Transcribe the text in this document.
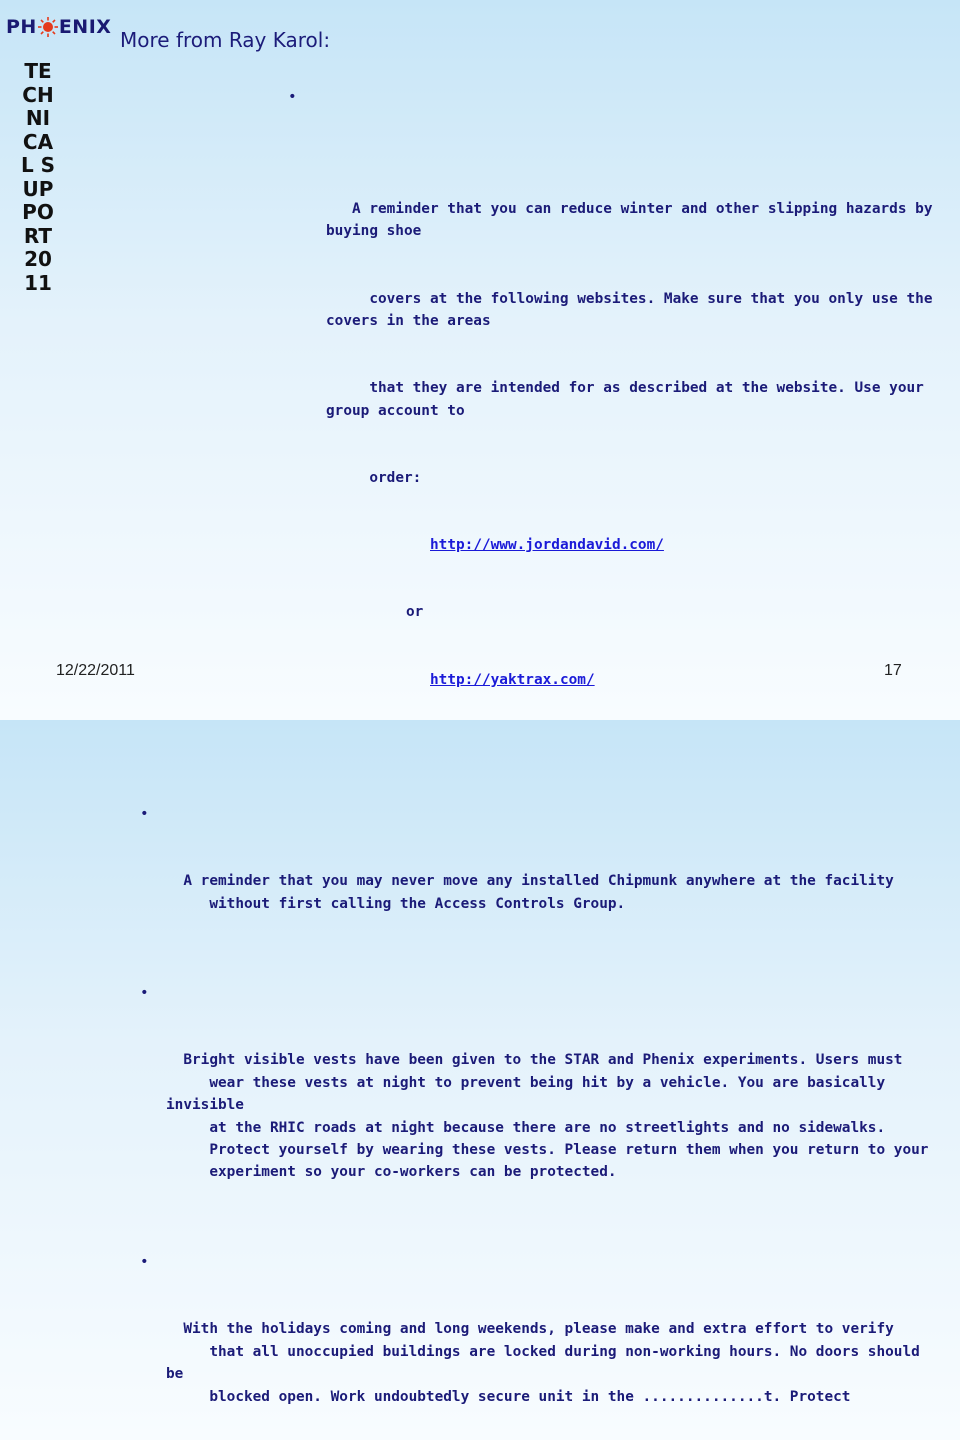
PH ENIX
TECHNICAL SUPPORT 2011
More from Ray Karol:

•

A reminder that you can reduce winter and other slipping hazards by buying shoe

covers at the following websites. Make sure that you only use the covers in the areas

that they are intended for as described at the website. Use your group account to

order:

http://www.jordandavid.com/

or

http://yaktrax.com/

•

A reminder that you may never move any installed Chipmunk anywhere at the facility
without first calling the Access Controls Group.

•

Bright visible vests have been given to the STAR and Phenix experiments. Users must
wear these vests at night to prevent being hit by a vehicle. You are basically invisible
at the RHIC roads at night because there are no streetlights and no sidewalks.
Protect yourself by wearing these vests. Please return them when you return to your
experiment so your co-workers can be protected.

•

With the holidays coming and long weekends, please make and extra effort to verify
that all unoccupied buildings are locked during non-working hours. No doors should be
blocked open. Work undoubtedly secure unit in the ..............t. Protect

12/22/2011	17
